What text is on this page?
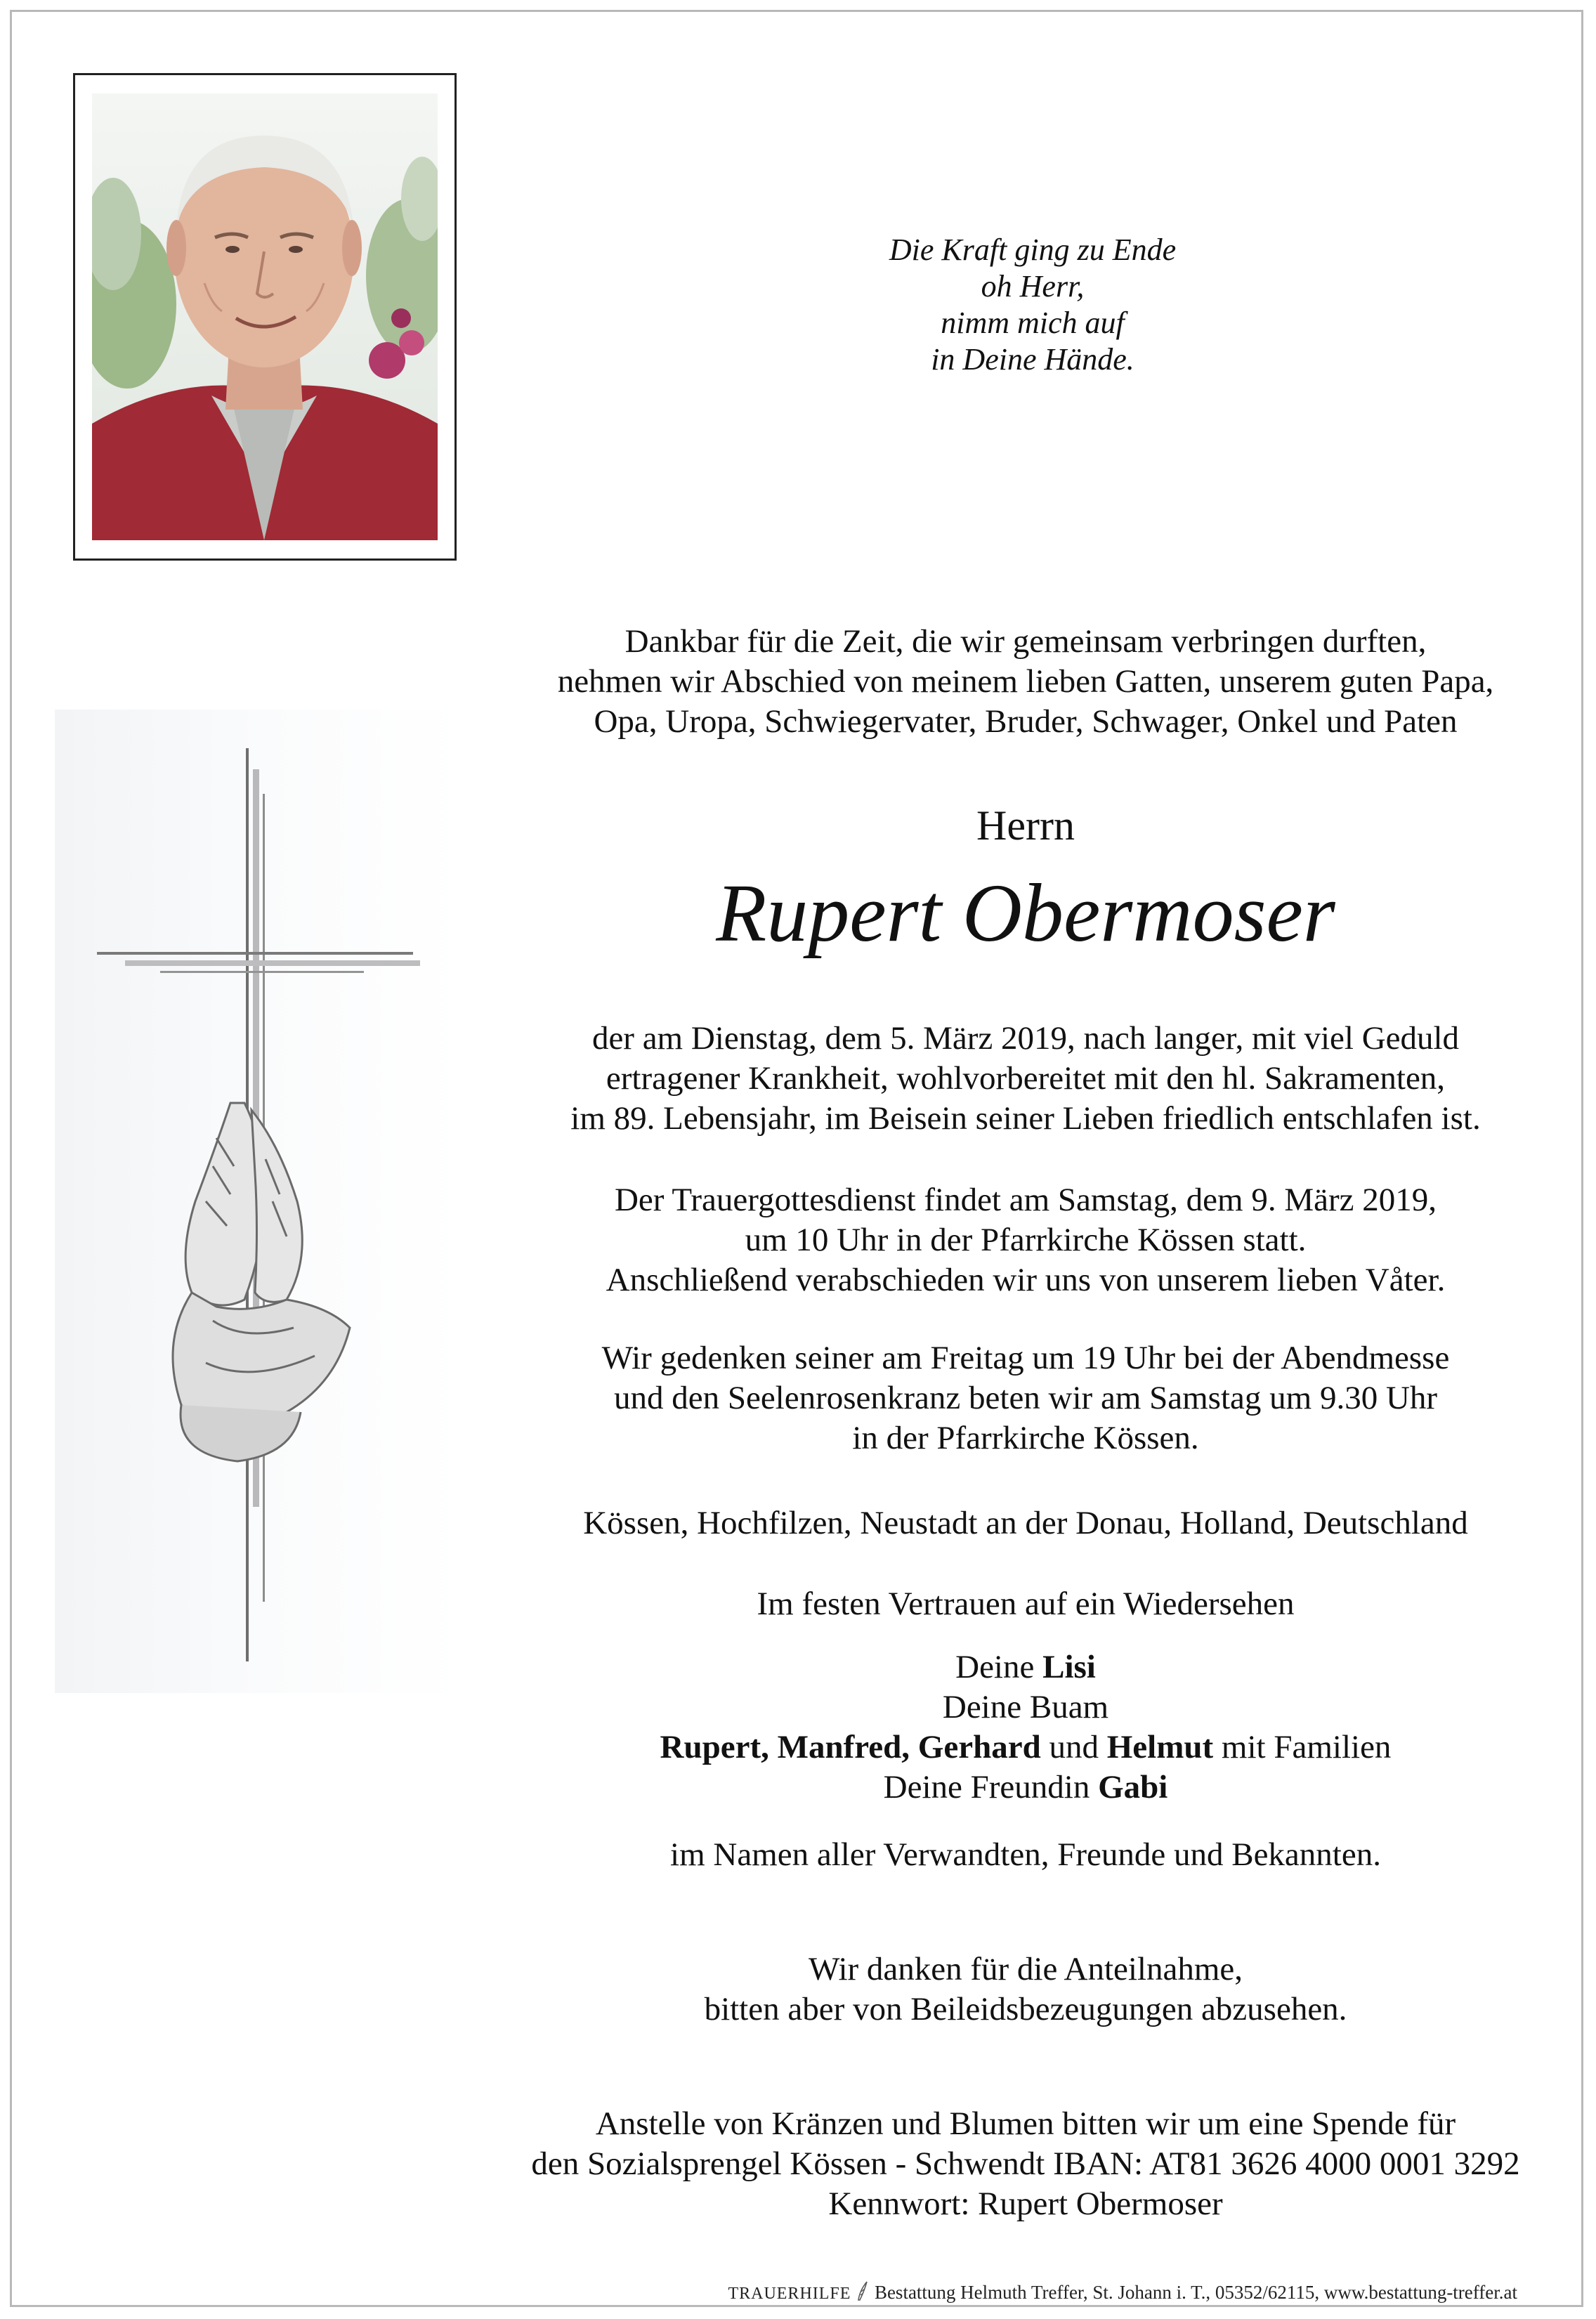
Die Kraft ging zu Ende
oh Herr,
nimm mich auf
in Deine Hände.

Dankbar für die Zeit, die wir gemeinsam verbringen durften,

nehmen wir Abschied von meinem lieben Gatten, unserem guten Papa,

Opa, Uropa, Schwiegervater, Bruder, Schwager, Onkel und Paten

Herrn
Rupert Obermoser

der am Dienstag, dem 5. März 2019, nach langer, mit viel Geduld

ertragener Krankheit, wohlvorbereitet mit den hl. Sakramenten,

im 89. Lebensjahr, im Beisein seiner Lieben friedlich entschlafen ist.

Der Trauergottesdienst findet am Samstag, dem 9. März 2019,

um 10 Uhr in der Pfarrkirche Kössen statt.

Anschließend verabschieden wir uns von unserem lieben Våter.

Wir gedenken seiner am Freitag um 19 Uhr bei der Abendmesse

und den Seelenrosenkranz beten wir am Samstag um 9.30 Uhr

in der Pfarrkirche Kössen.

Kössen, Hochfilzen, Neustadt an der Donau, Holland, Deutschland
Im festen Vertrauen auf ein Wiedersehen

Deine Lisi

Deine Buam

Rupert, Manfred, Gerhard und Helmut mit Familien

Deine Freundin Gabi

im Namen aller Verwandten, Freunde und Bekannten.

Wir danken für die Anteilnahme,

bitten aber von Beileidsbezeugungen abzusehen.

Anstelle von Kränzen und Blumen bitten wir um eine Spende für

den Sozialsprengel Kössen - Schwendt IBAN: AT81 3626 4000 0001 3292

Kennwort: Rupert Obermoser

TRAUERHILFE Bestattung Helmuth Treffer, St. Johann i. T., 05352/62115, www.bestattung-treffer.at
